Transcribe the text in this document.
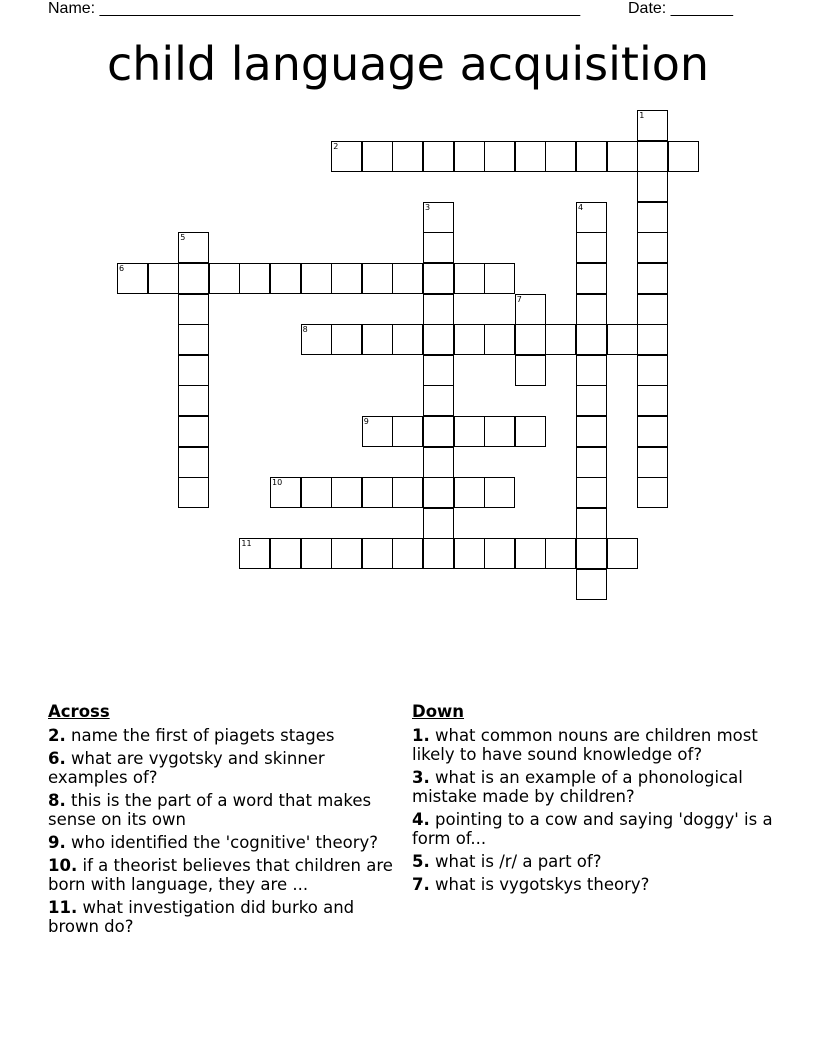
Name: ______________________________________________________	Date: _______
child language acquisition
1
2
3	4
5
6
7
8
9
10
11
Across
2. name the first of piagets stages
6. what are vygotsky and skinner examples of?
8. this is the part of a word that makes sense on its own
9. who identified the 'cognitive' theory?
10. if a theorist believes that children are born with language, they are ...
11. what investigation did burko and brown do?
Down
1. what common nouns are children most likely to have sound knowledge of?
3. what is an example of a phonological mistake made by children?
4. pointing to a cow and saying 'doggy' is a form of...
5. what is /r/ a part of?
7. what is vygotskys theory?
